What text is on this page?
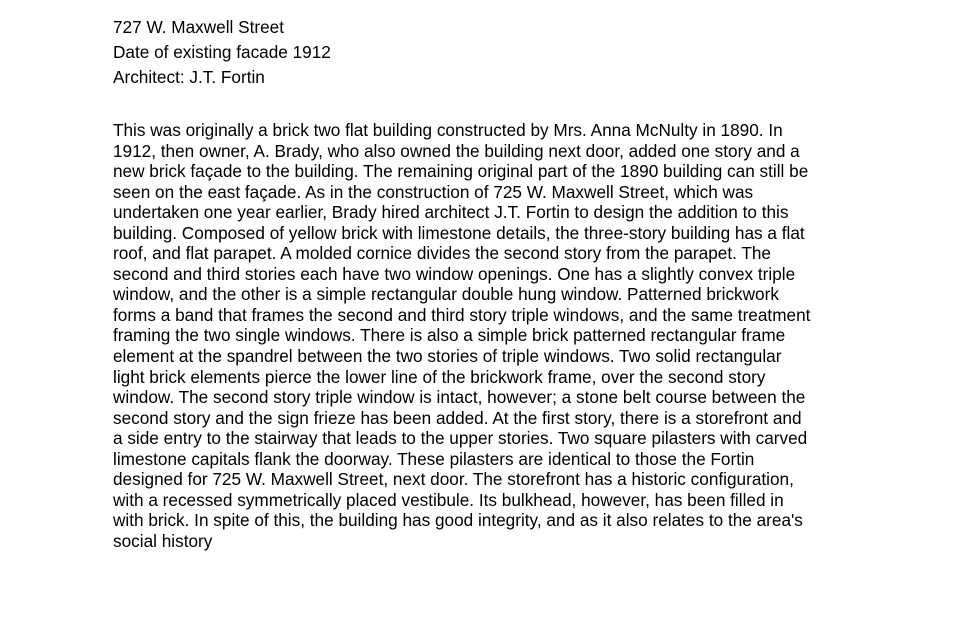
727 W. Maxwell Street
Date of existing facade 1912
Architect: J.T. Fortin
This was originally a brick two flat building constructed by Mrs. Anna McNulty in 1890. In
1912, then owner, A. Brady, who also owned the building next door, added one story and a
new brick façade to the building. The remaining original part of the 1890 building can still be
seen on the east façade. As in the construction of 725 W. Maxwell Street, which was
undertaken one year earlier, Brady hired architect J.T. Fortin to design the addition to this
building. Composed of yellow brick with limestone details, the three-story building has a flat
roof, and flat parapet. A molded cornice divides the second story from the parapet. The
second and third stories each have two window openings. One has a slightly convex triple
window, and the other is a simple rectangular double hung window. Patterned brickwork
forms a band that frames the second and third story triple windows, and the same treatment
framing the two single windows. There is also a simple brick patterned rectangular frame
element at the spandrel between the two stories of triple windows. Two solid rectangular
light brick elements pierce the lower line of the brickwork frame, over the second story
window. The second story triple window is intact, however; a stone belt course between the
second story and the sign frieze has been added. At the first story, there is a storefront and
a side entry to the stairway that leads to the upper stories. Two square pilasters with carved
limestone capitals flank the doorway. These pilasters are identical to those the Fortin
designed for 725 W. Maxwell Street, next door. The storefront has a historic configuration,
with a recessed symmetrically placed vestibule. Its bulkhead, however, has been filled in
with brick. In spite of this, the building has good integrity, and as it also relates to the area's
social history
